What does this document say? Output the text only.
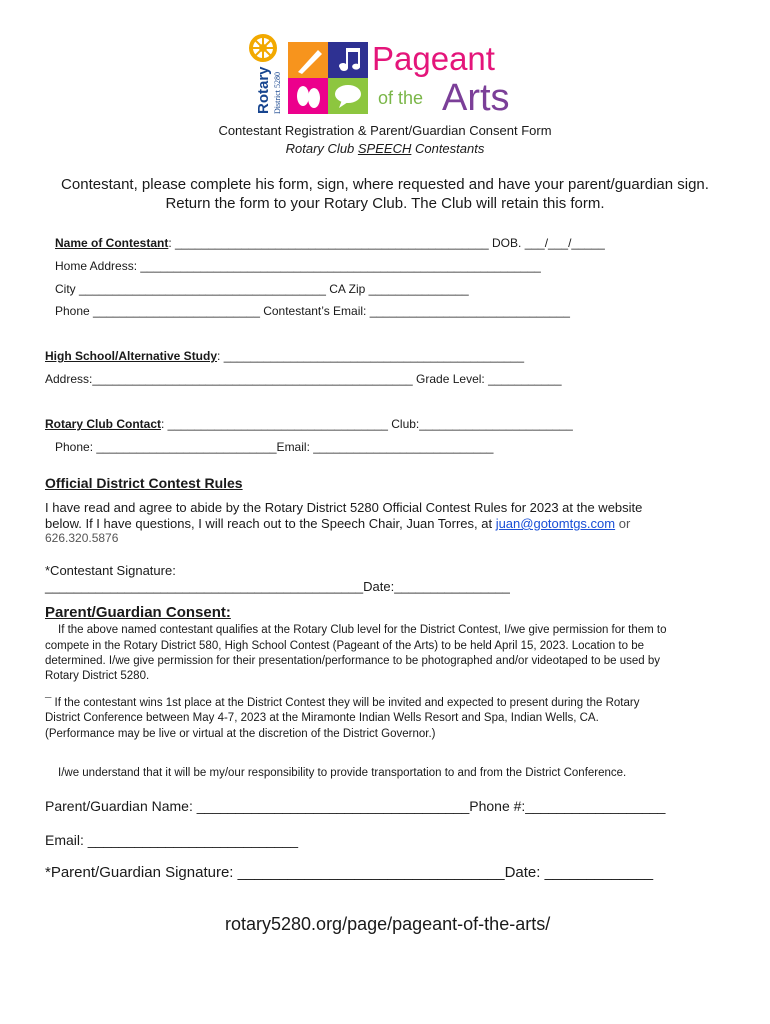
Rotary District 5280
Pageant
of the Arts
Contestant Registration & Parent/Guardian Consent Form
Rotary Club SPEECH Contestants
Contestant, please complete his form, sign, where requested and have your parent/guardian sign.
Return the form to your Rotary Club. The Club will retain this form.
Name of Contestant: _______________________________________________ DOB. ___/___/_____
Home Address: ____________________________________________________________
City _____________________________________ CA Zip _______________
Phone _________________________ Contestant’s Email: ______________________________
High School/Alternative Study: _____________________________________________
Address:________________________________________________ Grade Level: ___________
Rotary Club Contact: _________________________________ Club:_______________________
Phone: ___________________________Email: ___________________________
Official District Contest Rules
I have read and agree to abide by the Rotary District 5280 Official Contest Rules for 2023 at the website
below. If I have questions, I will reach out to the Speech Chair, Juan Torres, at juan@gotomtgs.com or
626.320.5876
*Contestant Signature:
____________________________________________Date:________________
Parent/Guardian Consent:
If the above named contestant qualifies at the Rotary Club level for the District Contest, I/we give permission for them to
compete in the Rotary District 580, High School Contest (Pageant of the Arts) to be held April 15, 2023. Location to be
determined. I/we give permission for their presentation/performance to be photographed and/or videotaped to be used by
Rotary District 5280.
¯ If the contestant wins 1st place at the District Contest they will be invited and expected to present during the Rotary
District Conference between May 4-7, 2023 at the Miramonte Indian Wells Resort and Spa, Indian Wells, CA.
(Performance may be live or virtual at the discretion of the District Governor.)
I/we understand that it will be my/our responsibility to provide transportation to and from the District Conference.
Parent/Guardian Name: ___________________________________Phone #:__________________
Email: ___________________________
*Parent/Guardian Signature: ________________________________Date: _____________
rotary5280.org/page/pageant-of-the-arts/
